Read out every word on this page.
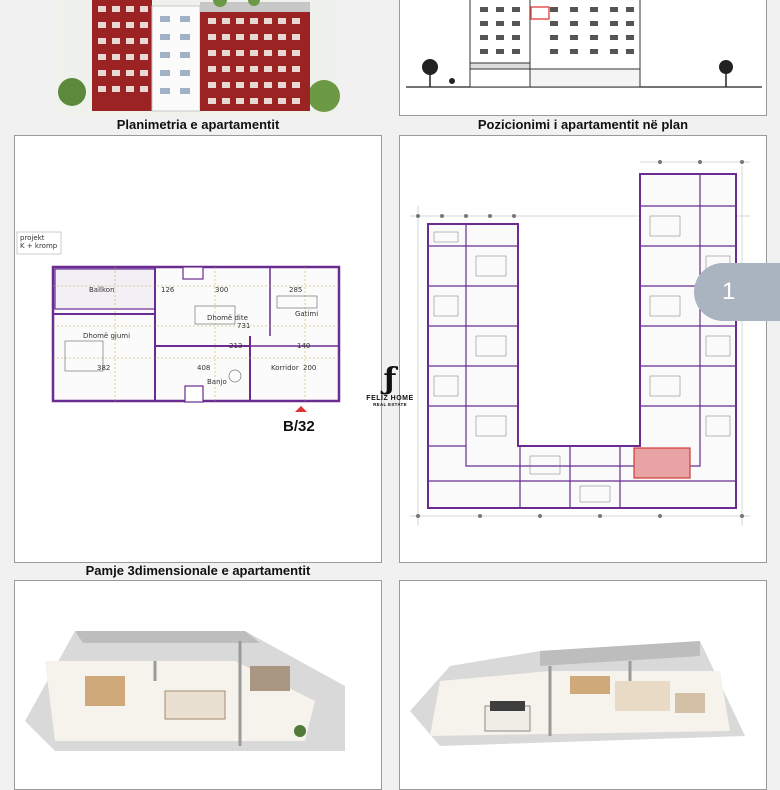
Planimetria e apartamentit	Pozicionimi i apartamentit në plan
projekt
K + kromp
Ballkon
Dhomë dite	Gatimi
Dhomë gjumi
Banjo
Korridor
126	300	285
731
213	140
382	408	200
B/32
Pamje 3dimensionale e apartamentit
ƒ
FELIZ HOME
REAL ESTATE
1
